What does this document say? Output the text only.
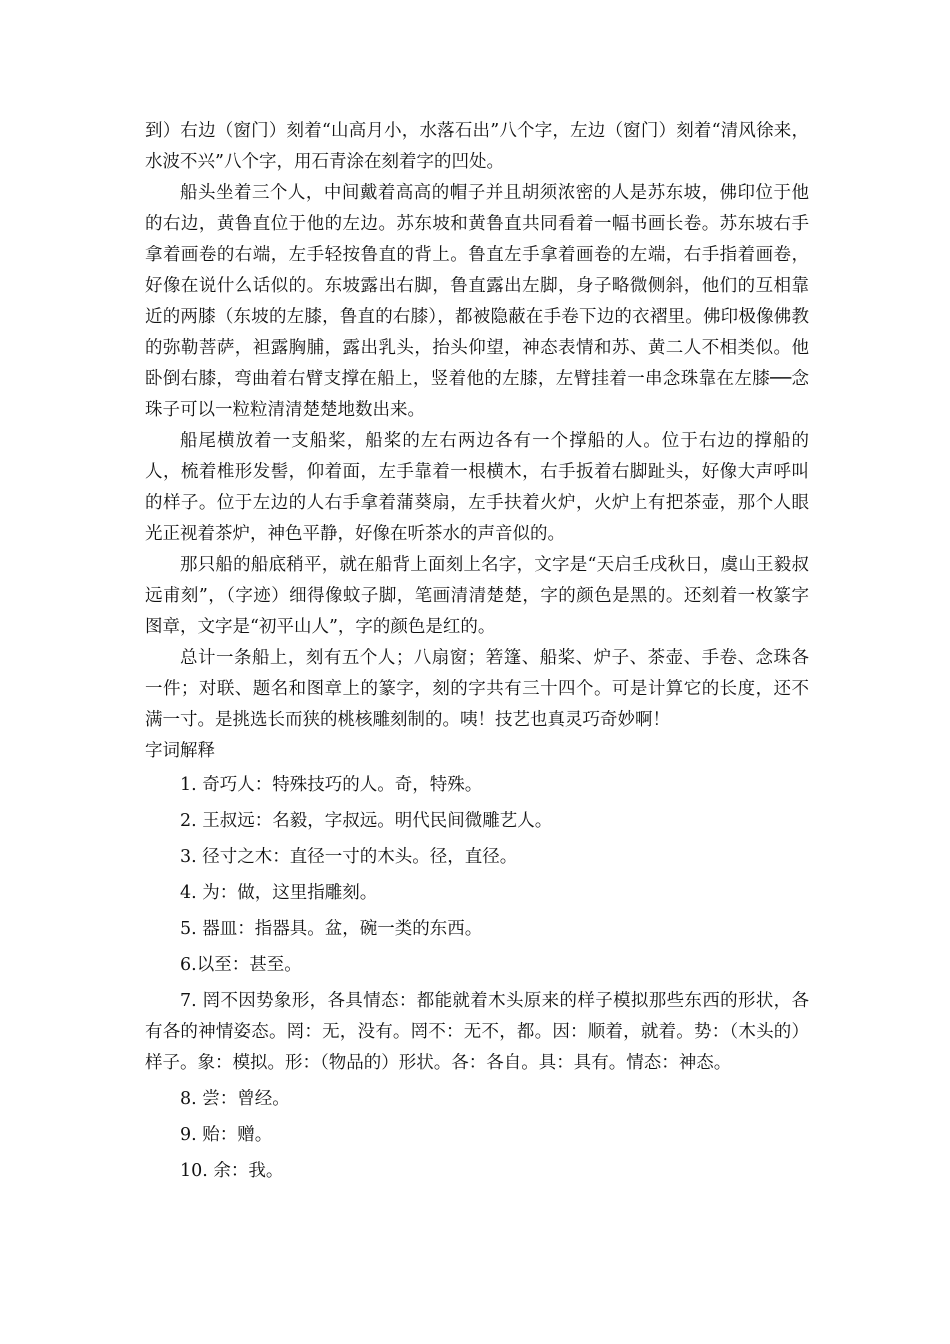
到）右边（窗门）刻着“山高月小，水落石出”八个字，左边（窗门）刻着“清风徐来，水波不兴”八个字，用石青涂在刻着字的凹处。

船头坐着三个人，中间戴着高高的帽子并且胡须浓密的人是苏东坡，佛印位于他的右边，黄鲁直位于他的左边。苏东坡和黄鲁直共同看着一幅书画长卷。苏东坡右手拿着画卷的右端，左手轻按鲁直的背上。鲁直左手拿着画卷的左端，右手指着画卷，好像在说什么话似的。东坡露出右脚，鲁直露出左脚，身子略微侧斜，他们的互相靠近的两膝（东坡的左膝，鲁直的右膝），都被隐蔽在手卷下边的衣褶里。佛印极像佛教的弥勒菩萨，袒露胸脯，露出乳头，抬头仰望，神态表情和苏、黄二人不相类似。他卧倒右膝，弯曲着右臂支撑在船上，竖着他的左膝，左臂挂着一串念珠靠在左膝──念珠子可以一粒粒清清楚楚地数出来。

船尾横放着一支船桨，船桨的左右两边各有一个撑船的人。位于右边的撑船的人，梳着椎形发髻，仰着面，左手靠着一根横木，右手扳着右脚趾头，好像大声呼叫的样子。位于左边的人右手拿着蒲葵扇，左手扶着火炉，火炉上有把茶壶，那个人眼光正视着茶炉，神色平静，好像在听茶水的声音似的。

那只船的船底稍平，就在船背上面刻上名字，文字是“天启壬戌秋日，虞山王毅叔远甫刻”，（字迹）细得像蚊子脚，笔画清清楚楚，字的颜色是黑的。还刻着一枚篆字图章，文字是“初平山人”，字的颜色是红的。

总计一条船上，刻有五个人；八扇窗；箬篷、船桨、炉子、茶壶、手卷、念珠各一件；对联、题名和图章上的篆字，刻的字共有三十四个。可是计算它的长度，还不满一寸。是挑选长而狭的桃核雕刻制的。咦！技艺也真灵巧奇妙啊！

字词解释

1. 奇巧人：特殊技巧的人。奇，特殊。

2. 王叔远：名毅，字叔远。明代民间微雕艺人。

3. 径寸之木：直径一寸的木头。径，直径。

4. 为：做，这里指雕刻。

5. 器皿：指器具。盆，碗一类的东西。

6.以至：甚至。

7. 罔不因势象形，各具情态：都能就着木头原来的样子模拟那些东西的形状，各有各的神情姿态。罔：无，没有。罔不：无不，都。因：顺着，就着。势：（木头的）样子。象：模拟。形：（物品的）形状。各：各自。具：具有。情态：神态。

8. 尝：曾经。

9. 贻：赠。

10. 余：我。
